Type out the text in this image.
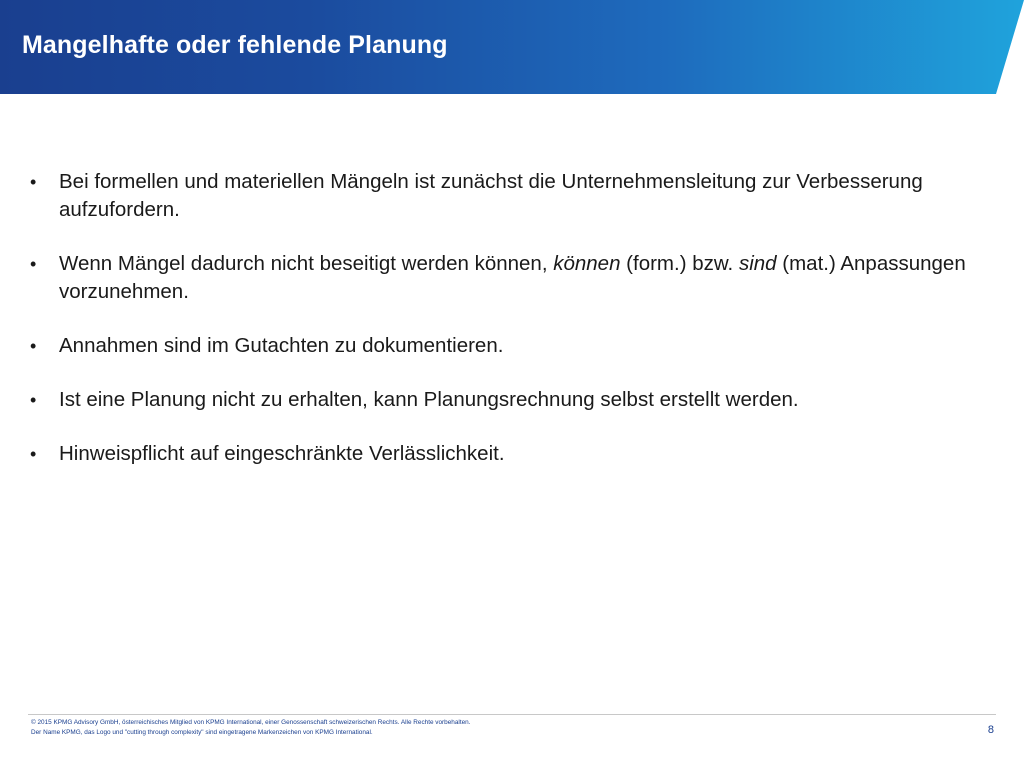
Mangelhafte oder fehlende Planung
• Bei formellen und materiellen Mängeln ist zunächst die Unternehmensleitung zur Verbesserung aufzufordern.
• Wenn Mängel dadurch nicht beseitigt werden können, können (form.) bzw. sind (mat.) Anpassungen vorzunehmen.
• Annahmen sind im Gutachten zu dokumentieren.
• Ist eine Planung nicht zu erhalten, kann Planungsrechnung selbst erstellt werden.
• Hinweispflicht auf eingeschränkte Verlässlichkeit.
© 2015 KPMG Advisory GmbH, österreichisches Mitglied von KPMG International, einer Genossenschaft schweizerischen Rechts. Alle Rechte vorbehalten. Der Name KPMG, das Logo und "cutting through complexity" sind eingetragene Markenzeichen von KPMG International.	8
